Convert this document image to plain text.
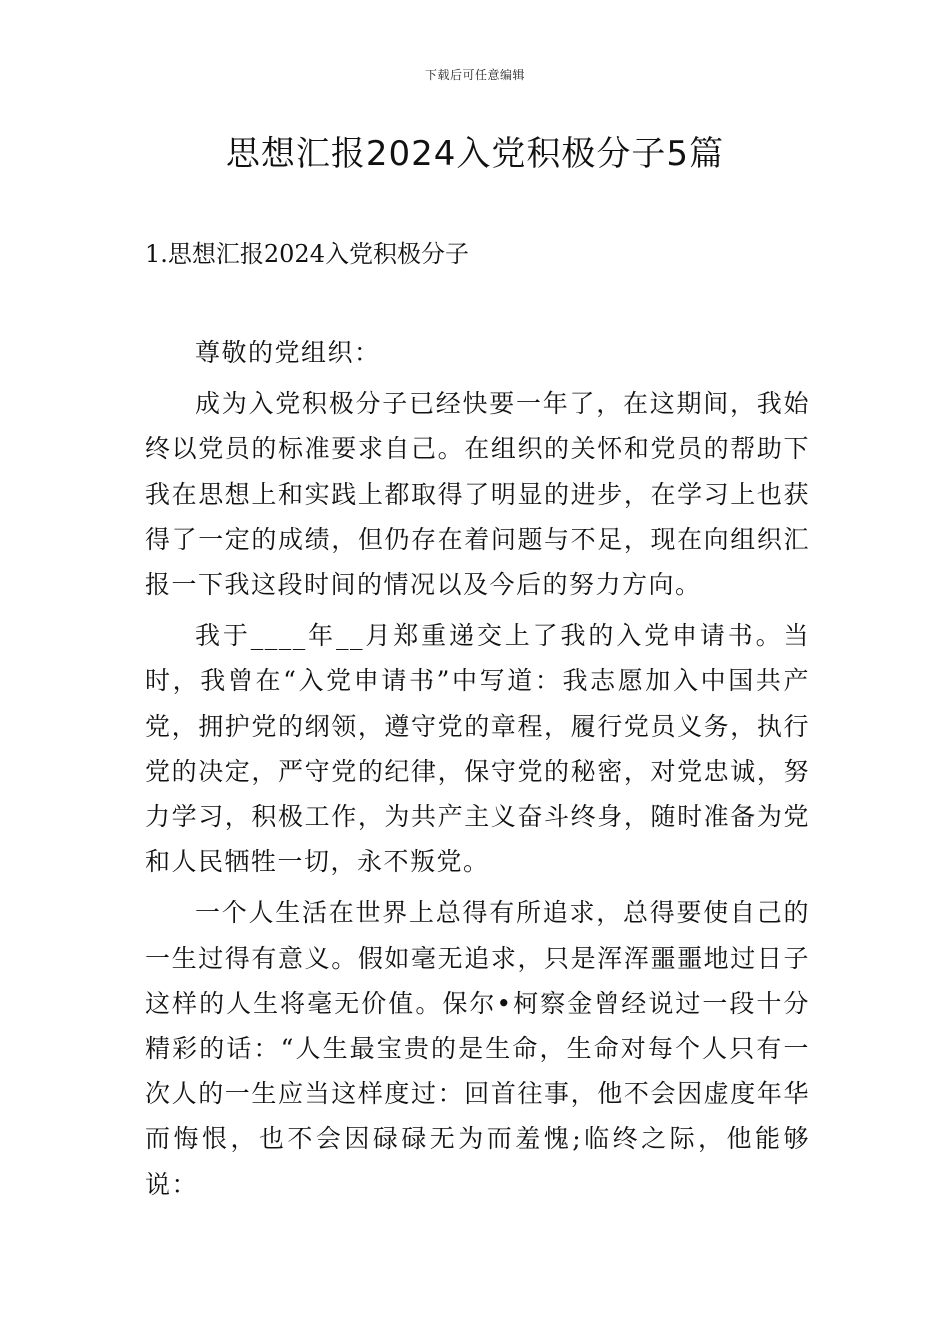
下载后可任意编辑
思想汇报2024入党积极分子5篇
1.思想汇报2024入党积极分子

尊敬的党组织：

成为入党积极分子已经快要一年了，在这期间，我始终以党员的标准要求自己。在组织的关怀和党员的帮助下我在思想上和实践上都取得了明显的进步，在学习上也获得了一定的成绩，但仍存在着问题与不足，现在向组织汇报一下我这段时间的情况以及今后的努力方向。

我于____年__月郑重递交上了我的入党申请书。当时，我曾在“入党申请书”中写道：我志愿加入中国共产党，拥护党的纲领，遵守党的章程，履行党员义务，执行党的决定，严守党的纪律，保守党的秘密，对党忠诚，努力学习，积极工作，为共产主义奋斗终身，随时准备为党和人民牺牲一切，永不叛党。

一个人生活在世界上总得有所追求，总得要使自己的一生过得有意义。假如毫无追求，只是浑浑噩噩地过日子这样的人生将毫无价值。保尔•柯察金曾经说过一段十分精彩的话：“人生最宝贵的是生命，生命对每个人只有一次人的一生应当这样度过：回首往事，他不会因虚度年华而悔恨，也不会因碌碌无为而羞愧;临终之际，他能够说：
